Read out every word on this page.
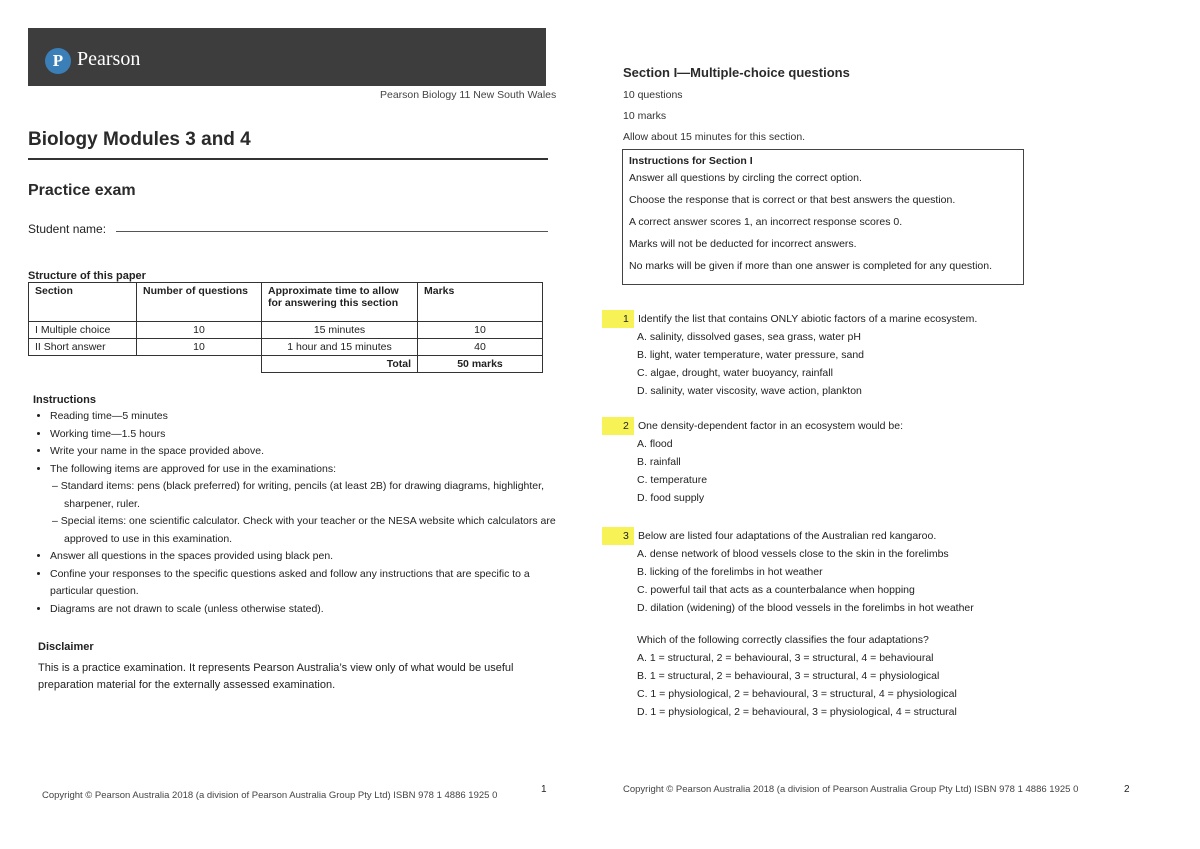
P Pearson
Pearson Biology 11 New South Wales
Biology Modules 3 and 4
Practice exam
Student name:
Structure of this paper
Section	Number of questions	Approximate time to allow for answering this section	Marks
I Multiple choice	10	15 minutes	10
II Short answer	10	1 hour and 15 minutes	40
		Total	50 marks
Instructions
• Reading time—5 minutes
• Working time—1.5 hours
• Write your name in the space provided above.
• The following items are approved for use in the examinations:
– Standard items: pens (black preferred) for writing, pencils (at least 2B) for drawing diagrams, highlighter, sharpener, ruler.
– Special items: one scientific calculator. Check with your teacher or the NESA website which calculators are approved to use in this examination.
• Answer all questions in the spaces provided using black pen.
• Confine your responses to the specific questions asked and follow any instructions that are specific to a particular question.
• Diagrams are not drawn to scale (unless otherwise stated).
Disclaimer
This is a practice examination. It represents Pearson Australia’s view only of what would be useful preparation material for the externally assessed examination.
Copyright © Pearson Australia 2018 (a division of Pearson Australia Group Pty Ltd) ISBN 978 1 4886 1925 0
1
Section I—Multiple-choice questions
10 questions
10 marks
Allow about 15 minutes for this section.
Instructions for Section I
Answer all questions by circling the correct option.
Choose the response that is correct or that best answers the question.
A correct answer scores 1, an incorrect response scores 0.
Marks will not be deducted for incorrect answers.
No marks will be given if more than one answer is completed for any question.
1 Identify the list that contains ONLY abiotic factors of a marine ecosystem.
A. salinity, dissolved gases, sea grass, water pH
B. light, water temperature, water pressure, sand
C. algae, drought, water buoyancy, rainfall
D. salinity, water viscosity, wave action, plankton
2 One density-dependent factor in an ecosystem would be:
A. flood
B. rainfall
C. temperature
D. food supply
3 Below are listed four adaptations of the Australian red kangaroo.
A. dense network of blood vessels close to the skin in the forelimbs
B. licking of the forelimbs in hot weather
C. powerful tail that acts as a counterbalance when hopping
D. dilation (widening) of the blood vessels in the forelimbs in hot weather
Which of the following correctly classifies the four adaptations?
A. 1 = structural, 2 = behavioural, 3 = structural, 4 = behavioural
B. 1 = structural, 2 = behavioural, 3 = structural, 4 = physiological
C. 1 = physiological, 2 = behavioural, 3 = structural, 4 = physiological
D. 1 = physiological, 2 = behavioural, 3 = physiological, 4 = structural
Copyright © Pearson Australia 2018 (a division of Pearson Australia Group Pty Ltd) ISBN 978 1 4886 1925 0	2
